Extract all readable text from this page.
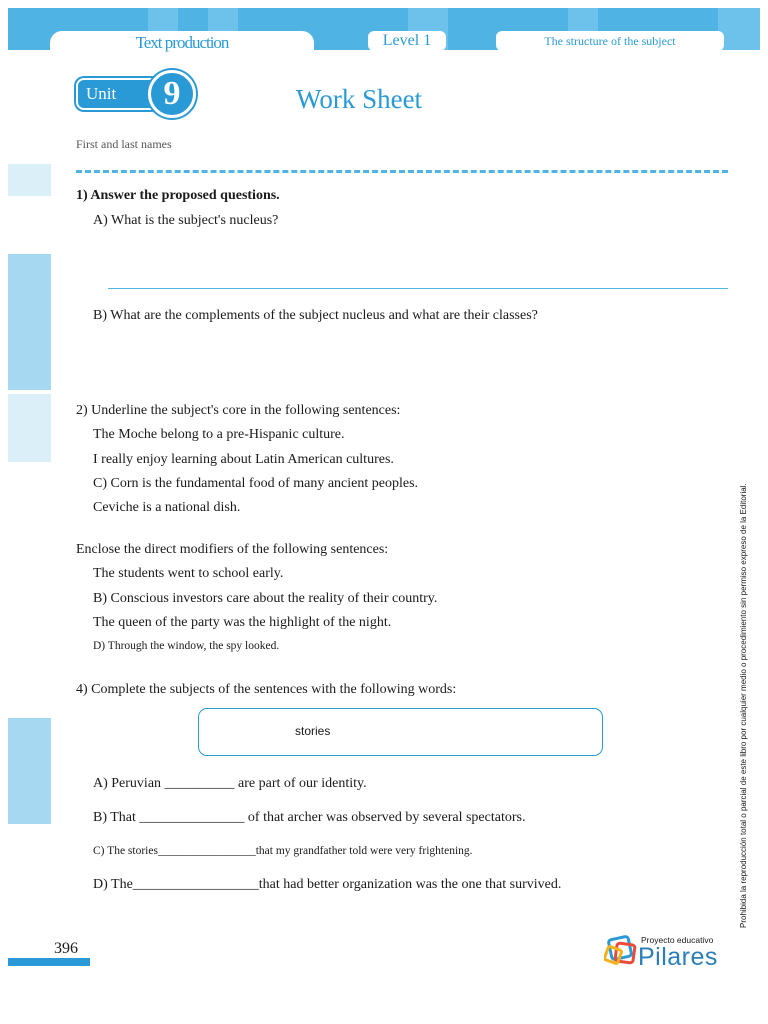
Text production	Level 1	The structure of the subject
Unit	9	Work Sheet
First and last names
1) Answer the proposed questions.
A) What is the subject's nucleus?
B) What are the complements of the subject nucleus and what are their classes?
2) Underline the subject's core in the following sentences:
The Moche belong to a pre-Hispanic culture.
I really enjoy learning about Latin American cultures.
C) Corn is the fundamental food of many ancient peoples.
Ceviche is a national dish.
Enclose the direct modifiers of the following sentences:
The students went to school early.
B) Conscious investors care about the reality of their country.
The queen of the party was the highlight of the night.
D) Through the window, the spy looked.
4) Complete the subjects of the sentences with the following words:
stories
A) Peruvian __________ are part of our identity.
B) That _______________ of that archer was observed by several spectators.
C) The stories_________________that my grandfather told were very frightening.
D) The__________________that had better organization was the one that survived.	Prohibida la reproducción total o parcial de este libro por cualquier medio o procedimiento sin permiso expreso de la Editorial.
396	Proyecto educativo
Pilares
